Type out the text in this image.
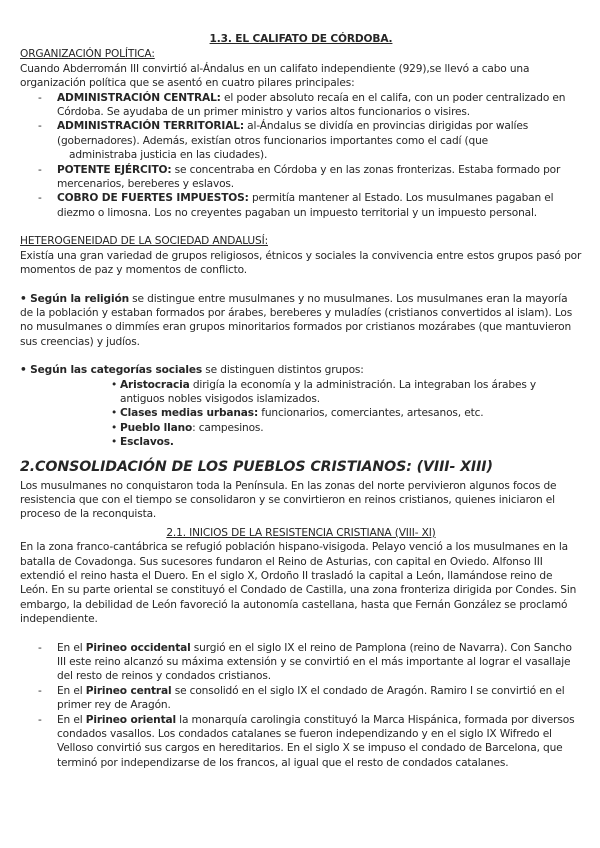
1.3. EL CALIFATO DE CÓRDOBA.

ORGANIZACIÓN POLÍTICA:

Cuando Abderromán III convirtió al-Ándalus en un califato independiente (929),se llevó a cabo una organización política que se asentó en cuatro pilares principales:

- ADMINISTRACIÓN CENTRAL: el poder absoluto recaía en el califa, con un poder centralizado en Córdoba. Se ayudaba de un primer ministro y varios altos funcionarios o visires.
- ADMINISTRACIÓN TERRITORIAL: al-Ándalus se dividía en provincias dirigidas por walíes (gobernadores). Además, existían otros funcionarios importantes como el cadí (que
administraba justicia en las ciudades).
- POTENTE EJÉRCITO: se concentraba en Córdoba y en las zonas fronterizas. Estaba formado por mercenarios, bereberes y eslavos.
- COBRO DE FUERTES IMPUESTOS: permitía mantener al Estado. Los musulmanes pagaban el diezmo o limosna. Los no creyentes pagaban un impuesto territorial y un impuesto personal.

HETEROGENEIDAD DE LA SOCIEDAD ANDALUSÍ:

Existía una gran variedad de grupos religiosos, étnicos y sociales la convivencia entre estos grupos pasó por momentos de paz y momentos de conflicto.

• Según la religión se distingue entre musulmanes y no musulmanes. Los musulmanes eran la mayoría de la población y estaban formados por árabes, bereberes y muladíes (cristianos convertidos al islam). Los no musulmanes o dimmíes eran grupos minoritarios formados por cristianos mozárabes (que mantuvieron sus creencias) y judíos.

• Según las categorías sociales se distinguen distintos grupos:

• Aristocracia dirigía la economía y la administración. La integraban los árabes y antiguos nobles visigodos islamizados.
• Clases medias urbanas: funcionarios, comerciantes, artesanos, etc.
• Pueblo llano: campesinos.
• Esclavos.

2.CONSOLIDACIÓN DE LOS PUEBLOS CRISTIANOS: (VIII- XIII)

Los musulmanes no conquistaron toda la Península. En las zonas del norte pervivieron algunos focos de resistencia que con el tiempo se consolidaron y se convirtieron en reinos cristianos, quienes iniciaron el proceso de la reconquista.

2.1. INICIOS DE LA RESISTENCIA CRISTIANA (VIII- XI)

En la zona franco-cantábrica se refugió población hispano-visigoda. Pelayo venció a los musulmanes en la batalla de Covadonga. Sus sucesores fundaron el Reino de Asturias, con capital en Oviedo. Alfonso III extendió el reino hasta el Duero. En el siglo X, Ordoño II trasladó la capital a León, llamándose reino de León. En su parte oriental se constituyó el Condado de Castilla, una zona fronteriza dirigida por Condes. Sin embargo, la debilidad de León favoreció la autonomía castellana, hasta que Fernán González se proclamó independiente.

- En el Pirineo occidental surgió en el siglo IX el reino de Pamplona (reino de Navarra). Con Sancho III este reino alcanzó su máxima extensión y se convirtió en el más importante al lograr el vasallaje del resto de reinos y condados cristianos.
- En el Pirineo central se consolidó en el siglo IX el condado de Aragón. Ramiro I se convirtió en el primer rey de Aragón.
- En el Pirineo oriental la monarquía carolingia constituyó la Marca Hispánica, formada por diversos condados vasallos. Los condados catalanes se fueron independizando y en el siglo IX Wifredo el Velloso convirtió sus cargos en hereditarios. En el siglo X se impuso el condado de Barcelona, que terminó por independizarse de los francos, al igual que el resto de condados catalanes.
